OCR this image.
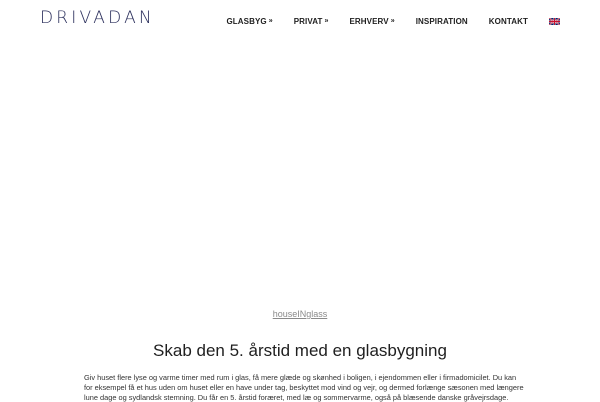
DRIVADAN	GLASBYG »	PRIVAT »	ERHVERV »	INSPIRATION	KONTAKT
houseINglass
Skab den 5. årstid med en glasbygning

Giv huset flere lyse og varme timer med rum i glas, få mere glæde og skønhed i boligen, i ejendommen eller i firmadomicilet. Du kan for eksempel få et hus uden om huset eller en have under tag, beskyttet mod vind og vejr, og dermed forlænge sæsonen med længere lune dage og sydlandsk stemning. Du får en 5. årstid foræret, med læ og sommervarme, også på blæsende danske gråvejrsdage.
